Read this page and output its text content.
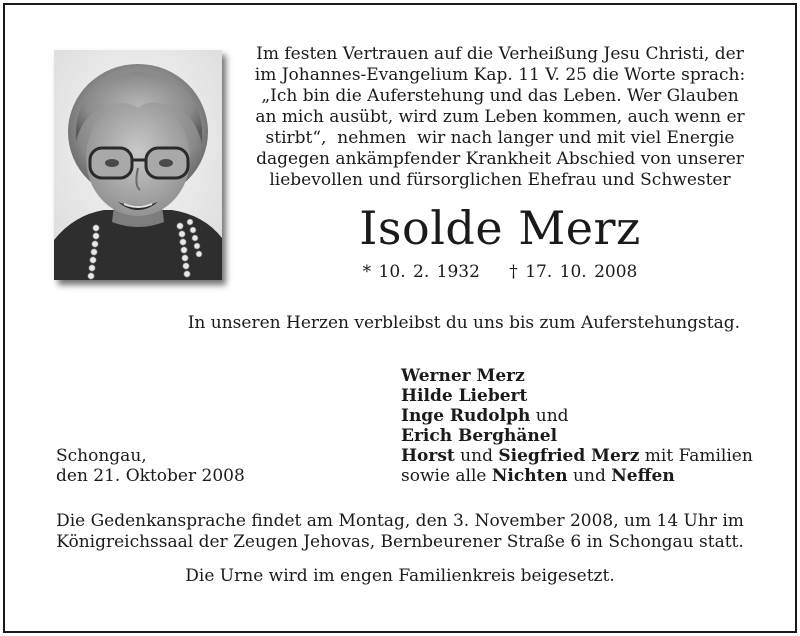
Im festen Vertrauen auf die Verheißung Jesu Christi, der
im Johannes-Evangelium Kap. 11 V. 25 die Worte sprach:
„Ich bin die Auferstehung und das Leben. Wer Glauben
an mich ausübt, wird zum Leben kommen, auch wenn er
stirbt“,  nehmen  wir nach langer und mit viel Energie
dagegen ankämpfender Krankheit Abschied von unserer
liebevollen und fürsorglichen Ehefrau und Schwester
Isolde Merz
* 10. 2. 1932 † 17. 10. 2008
In unseren Herzen verbleibst du uns bis zum Auferstehungstag.
Werner Merz
Hilde Liebert
Inge Rudolph und
Erich Berghänel
Horst und Siegfried Merz mit Familien
sowie alle Nichten und Neffen
Schongau,
den 21. Oktober 2008
Die Gedenkansprache findet am Montag, den 3. November 2008, um 14 Uhr im
Königreichssaal der Zeugen Jehovas, Bernbeurener Straße 6 in Schongau statt.
Die Urne wird im engen Familienkreis beigesetzt.
